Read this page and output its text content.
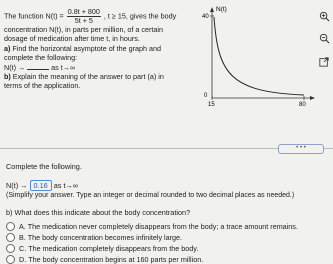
The function $N(t) = \frac{0.8t + 800}{5t + 5}$ , t ≥ 15, gives the body
concentration N(t), in parts per million, of a certain
dosage of medication after time t, in hours.
a) Find the horizontal asymptote of the graph and
complete the following:
N(t) →	as t→∞
b) Explain the meaning of the answer to part (a) in
terms of the application.
N(t)
40
0
15	80
• • •
Complete the following.
N(t) → 0.16 as t→∞
(Simplify your answer. Type an integer or decimal rounded to two decimal places as needed.)
b) What does this indicate about the body concentration?
A.
The medication never completely disappears from the body; a trace amount remains.
B.
The body concentration becomes infinitely large.
C.
The medication completely disappears from the body.
D.
The body concentration begins at 160 parts per million.
